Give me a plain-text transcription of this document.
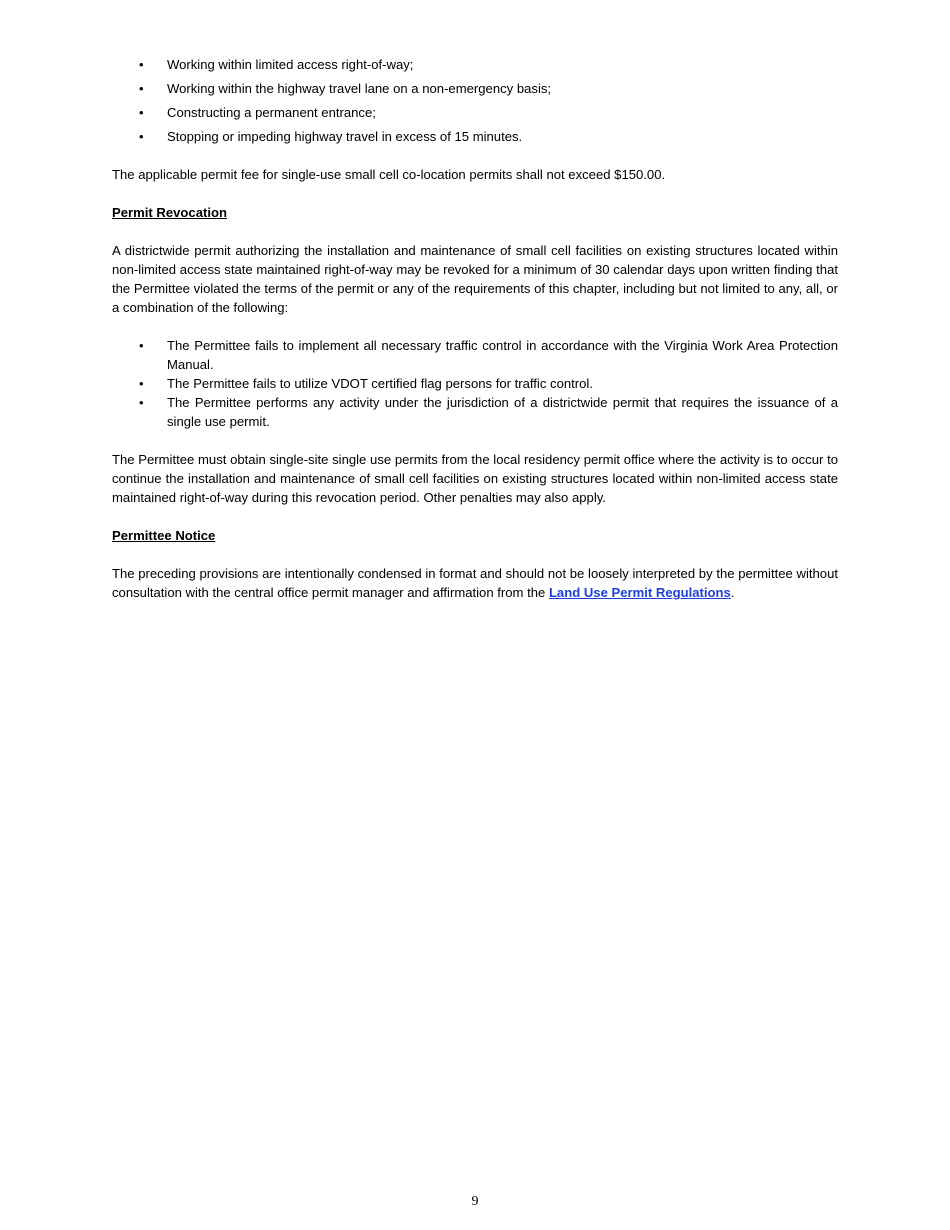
• Working within limited access right-of-way;
• Working within the highway travel lane on a non-emergency basis;
• Constructing a permanent entrance;
• Stopping or impeding highway travel in excess of 15 minutes.

The applicable permit fee for single-use small cell co-location permits shall not exceed $150.00.

Permit Revocation

A districtwide permit authorizing the installation and maintenance of small cell facilities on existing structures located within non-limited access state maintained right-of-way may be revoked for a minimum of 30 calendar days upon written finding that the Permittee violated the terms of the permit or any of the requirements of this chapter, including but not limited to any, all, or a combination of the following:

• The Permittee fails to implement all necessary traffic control in accordance with the Virginia Work Area Protection Manual.
• The Permittee fails to utilize VDOT certified flag persons for traffic control.
• The Permittee performs any activity under the jurisdiction of a districtwide permit that requires the issuance of a single use permit.

The Permittee must obtain single-site single use permits from the local residency permit office where the activity is to occur to continue the installation and maintenance of small cell facilities on existing structures located within non-limited access state maintained right-of-way during this revocation period. Other penalties may also apply.

Permittee Notice

The preceding provisions are intentionally condensed in format and should not be loosely interpreted by the permittee without consultation with the central office permit manager and affirmation from the Land Use Permit Regulations.

9
